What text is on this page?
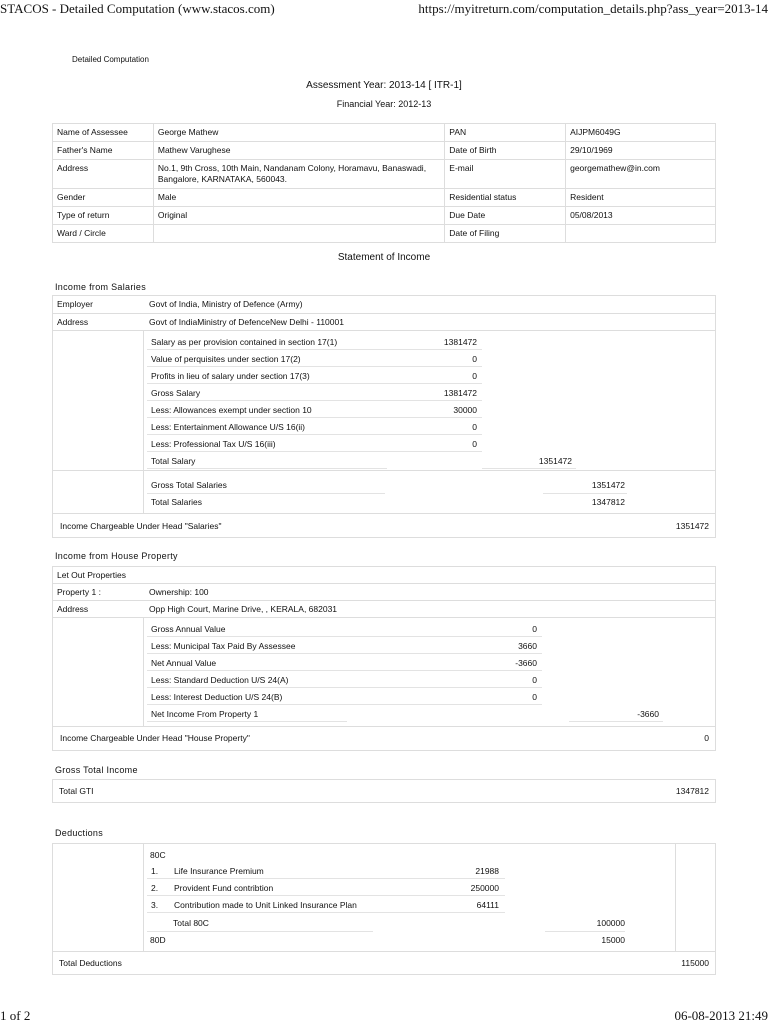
STACOS - Detailed Computation (www.stacos.com)	https://myitreturn.com/computation_details.php?ass_year=2013-14
Detailed Computation
Assessment Year: 2013-14 [ ITR-1]
Financial Year: 2012-13
Name of Assessee	George Mathew	PAN	AIJPM6049G
Father's Name	Mathew Varughese	Date of Birth	29/10/1969
Address	No.1, 9th Cross, 10th Main, Nandanam Colony, Horamavu, Banaswadi, Bangalore, KARNATAKA, 560043.	E-mail	georgemathew@in.com
Gender	Male	Residential status	Resident
Type of return	Original	Due Date	05/08/2013
Ward / Circle		Date of Filing	
Statement of Income
Income from Salaries
Employer	Govt of India, Ministry of Defence (Army)
Address	Govt of IndiaMinistry of DefenceNew Delhi - 110001
Salary as per provision contained in section 17(1)	1381472
Value of perquisites under section 17(2)	0
Profits in lieu of salary under section 17(3)	0
Gross Salary	1381472
Less: Allowances exempt under section 10	30000
Less: Entertainment Allowance U/S 16(ii)	0
Less: Professional Tax U/S 16(iii)	0
Total Salary	1351472
Gross Total Salaries	1351472
Total Salaries	1347812
Income Chargeable Under Head "Salaries"	1351472
Income from House Property
Let Out Properties
Property 1 :	Ownership: 100
Address	Opp High Court, Marine Drive, , KERALA, 682031
Gross Annual Value	0
Less: Municipal Tax Paid By Assessee	3660
Net Annual Value	-3660
Less: Standard Deduction U/S 24(A)	0
Less: Interest Deduction U/S 24(B)	0
Net Income From Property 1	-3660
Income Chargeable Under Head "House Property"	0
Gross Total Income
Total GTI	1347812
Deductions
80C
1. Life Insurance Premium	21988
2. Provident Fund contribtion	250000
3. Contribution made to Unit Linked Insurance Plan	64111
Total 80C	100000
80D	15000
Total Deductions	115000
1 of 2	06-08-2013 21:49
